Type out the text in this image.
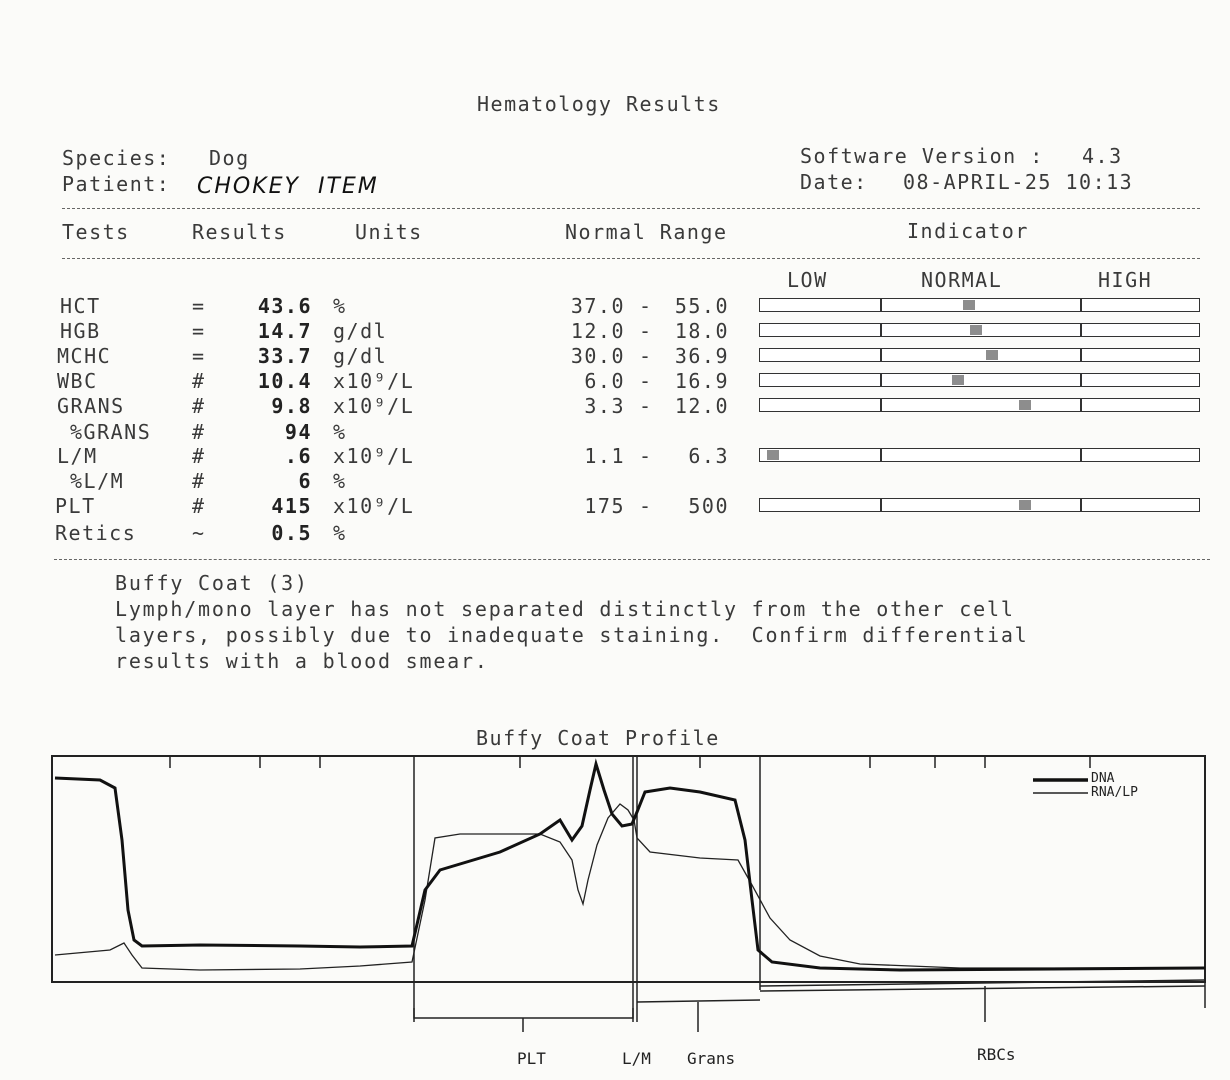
Hematology Results
Species: Dog
Patient: CHOKEY  ITEM
Software Version : 4.3
Date: 08-APRIL-25 10:13
Tests	Results	Units	Normal Range	Indicator
LOW	NORMAL	HIGH
HCT	=	43.6 %	37.0 - 55.0
HGB	=	14.7 g/dl	12.0 - 18.0
MCHC	=	33.7 g/dl	30.0 - 36.9
WBC	#	10.4 x10⁹/L	6.0 - 16.9
GRANS	#	9.8 x10⁹/L	3.3 - 12.0
%GRANS #	94 %
L/M	#	.6 x10⁹/L	1.1 - 6.3
%L/M	#	6 %
PLT	#	415 x10⁹/L	175 - 500
Retics	~	0.5 %
Buffy Coat (3)
Lymph/mono layer has not separated distinctly from the other cell
layers, possibly due to inadequate staining.  Confirm differential
results with a blood smear.
Buffy Coat Profile
DNA
RNA/LP
PLT	L/M Grans	RBCs
